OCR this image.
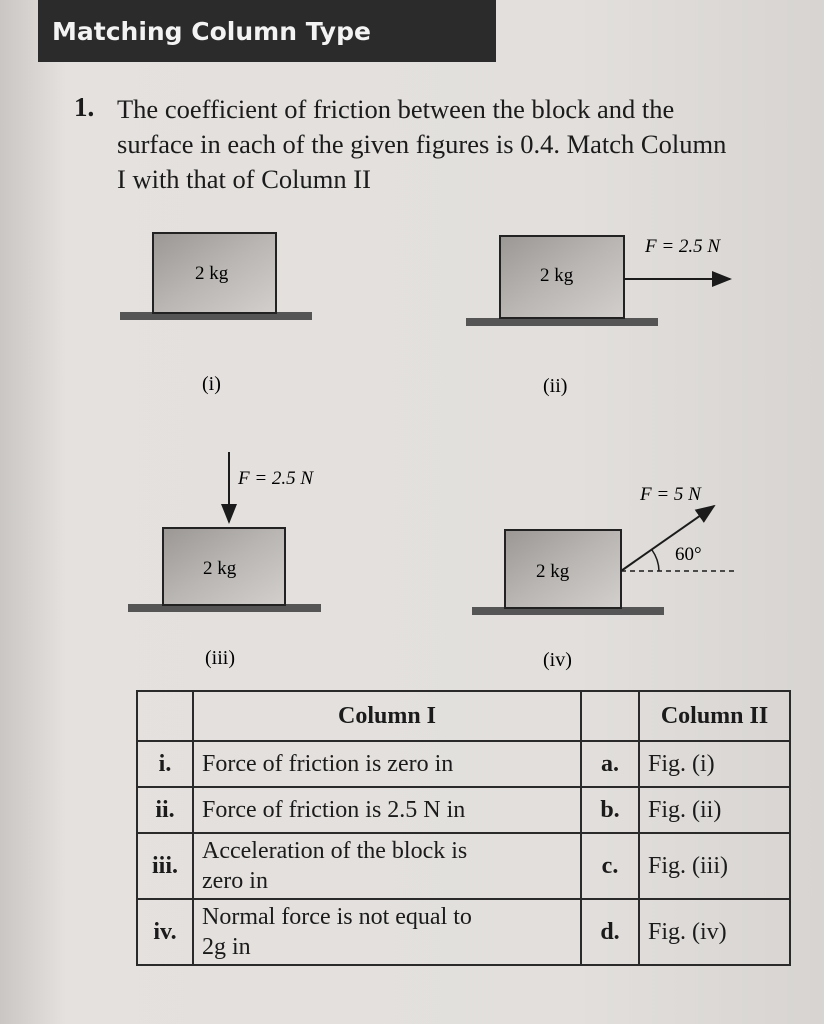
Matching Column Type
1. The coefficient of friction between the block and the
surface in each of the given figures is 0.4. Match Column
I with that of Column II
2 kg
(i)
2 kg
F = 2.5 N
(ii)
F = 2.5 N
2 kg
(iii)
2 kg
60°
F = 5 N
(iv)
	Column I		Column II
i.	Force of friction is zero in	a.	Fig. (i)
ii.	Force of friction is 2.5 N in	b.	Fig. (ii)
iii.	Acceleration of the block is
zero in	c.	Fig. (iii)
iv.	Normal force is not equal to
2g in	d.	Fig. (iv)
